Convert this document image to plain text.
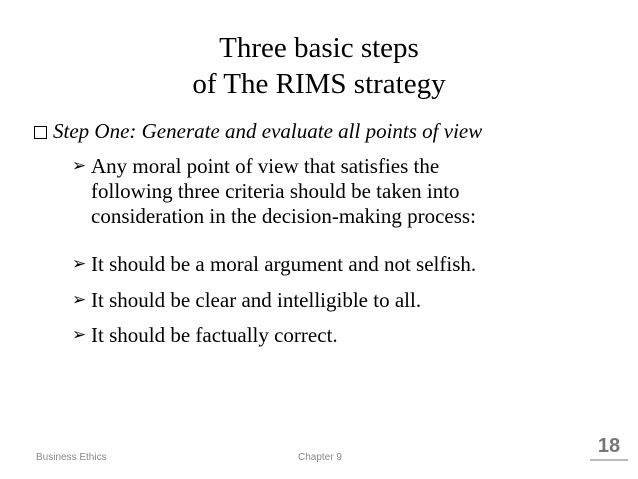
Three basic steps
of The RIMS strategy
Step One: Generate and evaluate all points of view
➢ Any moral point of view that satisfies the
following three criteria should be taken into
consideration in the decision-making process:
➢ It should be a moral argument and not selfish.
➢ It should be clear and intelligible to all.
➢ It should be factually correct.
Business Ethics	Chapter 9
18
